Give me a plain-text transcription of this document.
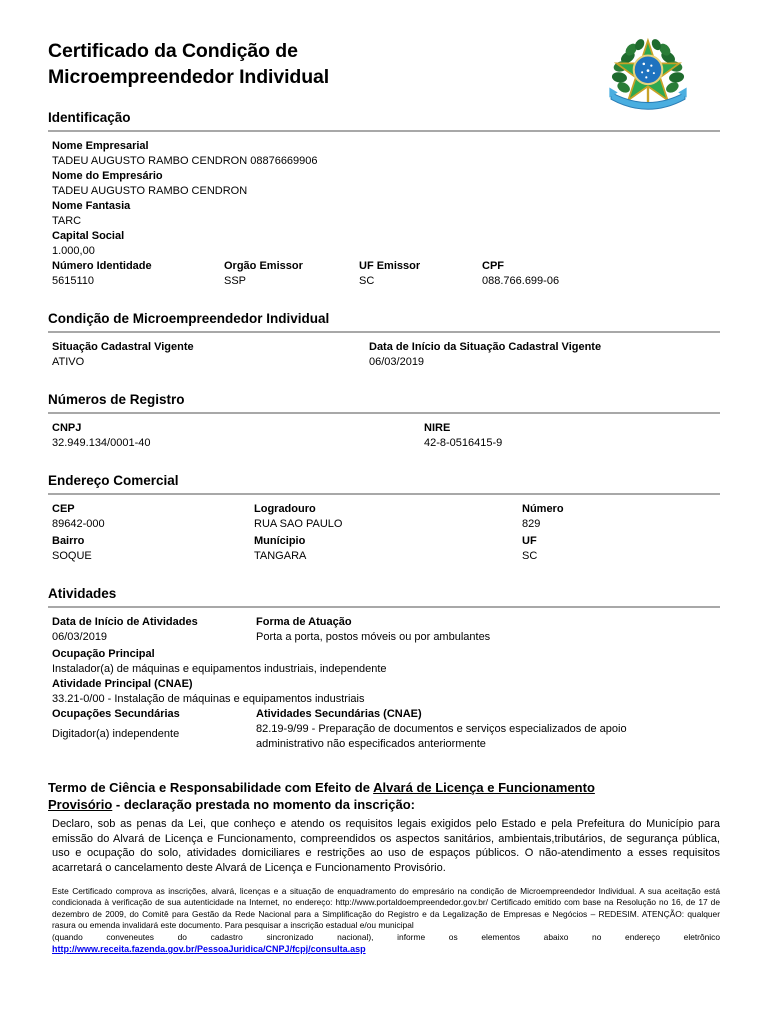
Certificado da Condição de
Microempreendedor Individual
Identificação
Nome Empresarial
TADEU AUGUSTO RAMBO CENDRON 08876669906
Nome do Empresário
TADEU AUGUSTO RAMBO CENDRON
Nome Fantasia
TARC
Capital Social
1.000,00
Número Identidade
5615110
Orgão Emissor
SSP
UF Emissor
SC
CPF
088.766.699-06
Condição de Microempreendedor Individual
Situação Cadastral Vigente
ATIVO
Data de Início da Situação Cadastral Vigente
06/03/2019
Números de Registro
CNPJ
32.949.134/0001-40
NIRE
42-8-0516415-9
Endereço Comercial
CEP
89642-000
Logradouro
RUA SAO PAULO
Número
829
Bairro
SOQUE
Munícipio
TANGARA
UF
SC
Atividades
Data de Início de Atividades
06/03/2019
Forma de Atuação
Porta a porta, postos móveis ou por ambulantes
Ocupação Principal
Instalador(a) de máquinas e equipamentos industriais, independente
Atividade Principal (CNAE)
33.21-0/00 - Instalação de máquinas e equipamentos industriais
Ocupações Secundárias
Digitador(a) independente
Atividades Secundárias (CNAE)
82.19-9/99 - Preparação de documentos e serviços especializados de apoio administrativo não especificados anteriormente
Termo de Ciência e Responsabilidade com Efeito de Alvará de Licença e Funcionamento
Provisório - declaração prestada no momento da inscrição:

Declaro, sob as penas da Lei, que conheço e atendo os requisitos legais exigidos pelo Estado e pela Prefeitura do Município para emissão do Alvará de Licença e Funcionamento, compreendidos os aspectos sanitários, ambientais,tributários, de segurança pública, uso e ocupação do solo, atividades domiciliares e restrições ao uso de espaços públicos. O não-atendimento a esses requisitos acarretará o cancelamento deste Alvará de Licença e Funcionamento Provisório.

Este Certificado comprova as inscrições, alvará, licenças e a situação de enquadramento do empresário na condição de Microempreendedor Individual. A sua aceitação está condicionada à verificação de sua autenticidade na Internet, no endereço: http://www.portaldoempreendedor.gov.br/ Certificado emitido com base na Resolução no 16, de 17 de dezembro de 2009, do Comitê para Gestão da Rede Nacional para a Simplificação do Registro e da Legalização de Empresas e Negócios – REDESIM. ATENÇÃO: qualquer rasura ou emenda invalidará este documento. Para pesquisar a inscrição estadual e/ou municipal
(quando conveneutes do cadastro sincronizado nacional), informe os elementos abaixo no endereço eletrônico
http://www.receita.fazenda.gov.br/PessoaJuridica/CNPJ/fcpj/consulta.asp
